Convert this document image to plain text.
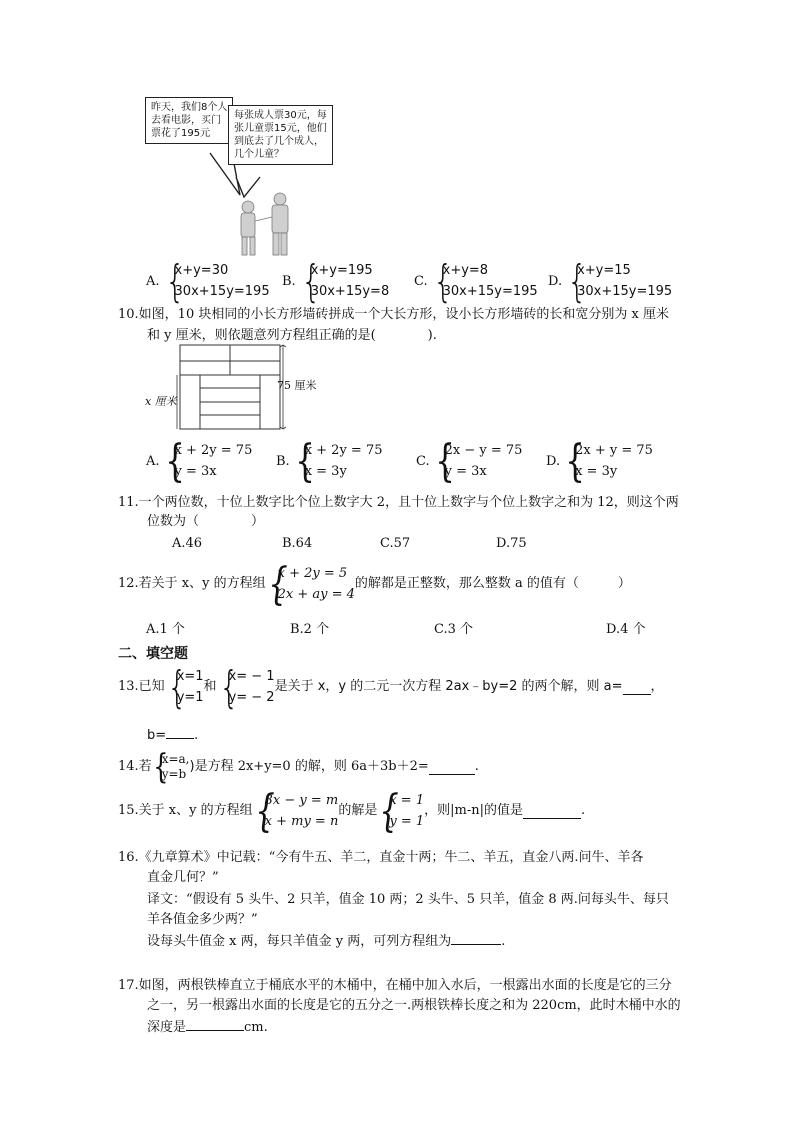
昨天，我们8个人
去看电影，买门
票花了195元
每张成人票30元，每
张儿童票15元，他们
到底去了几个成人，
几个儿童？
A.
{
x+y=30
30x+15y=195
B.
{
x+y=195
30x+15y=8
C.
{
x+y=8
30x+15y=195
D.
{
x+y=15
30x+15y=195
10.如图，10 块相同的小长方形墙砖拼成一个大长方形，设小长方形墙砖的长和宽分别为 x 厘米
和 y 厘米，则依题意列方程组正确的是(　　　　).
x 厘米
75 厘米
A.
{
x + 2y = 75
y = 3x
B.
{
x + 2y = 75
x = 3y
C.
{
2x − y = 75
y = 3x
D.
{
2x + y = 75
x = 3y
11.一个两位数，十位上数字比个位上数字大 2，且十位上数字与个位上数字之和为 12，则这个两
位数为（　　　　）
A.46	B.64	C.57	D.75
12.若关于 x、y 的方程组
{
x + 2y = 5
2x + ay = 4
的解都是正整数，那么整数 a 的值有（　　　）
A.1 个	B.2 个	C.3 个	D.4 个
二、填空题
13.已知
{
x=1
y=1
和
{
x= − 1
y= − 2
是关于 x，y 的二元一次方程 2ax﹣by=2 的两个解，则 a= ，
b= .
14.若 x=a,
y=b )是方程 2x+y=0 的解，则 6a＋3b＋2=	.
15.关于 x、y 的方程组
{
3x − y = m
x + my = n
的解是
{
x = 1
y = 1
，则|m-n|的值是	.
16.《九章算术》中记载：“今有牛五、羊二，直金十两；牛二、羊五，直金八两.问牛、羊各
直金几何？”
译文：“假设有 5 头牛、2 只羊，值金 10 两；2 头牛、5 只羊，值金 8 两.问每头牛、每只
羊各值金多少两？”
设每头牛值金 x 两，每只羊值金 y 两，可列方程组为	.
17.如图，两根铁棒直立于桶底水平的木桶中，在桶中加入水后，一根露出水面的长度是它的三分
之一，另一根露出水面的长度是它的五分之一.两根铁棒长度之和为 220cm，此时木桶中水的
深度是	cm.
